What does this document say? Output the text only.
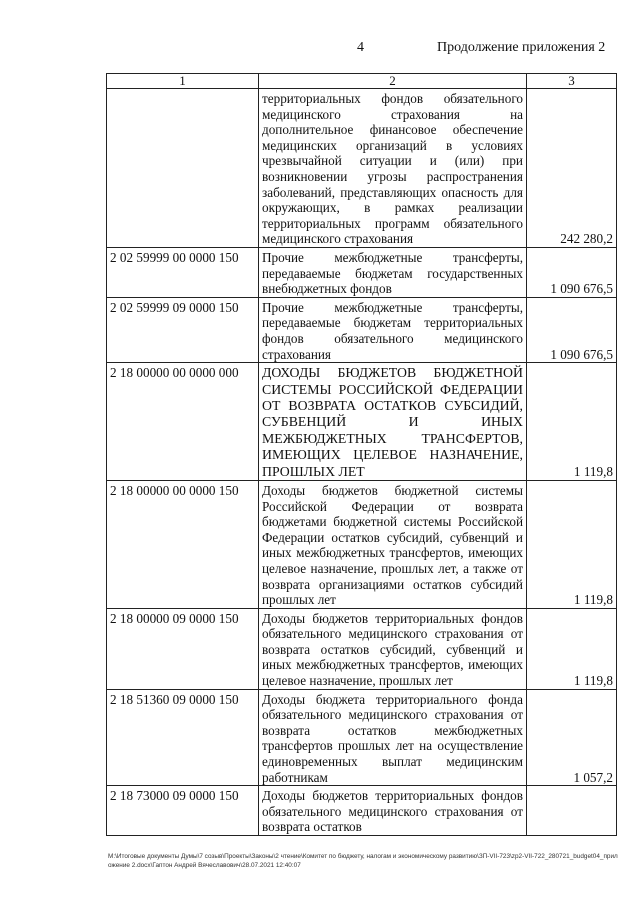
4	Продолжение приложения 2
1	2	3
	территориальных фондов обязательного медицинского страхования на дополнительное финансовое обеспечение медицинских организаций в условиях чрезвычайной ситуации и (или) при возникновении угрозы распространения заболеваний, представляющих опасность для окружающих, в рамках реализации территориальных программ обязательного медицинского страхования	242 280,2
2 02 59999 00 0000 150	Прочие межбюджетные трансферты, передаваемые бюджетам государственных внебюджетных фондов	1 090 676,5
2 02 59999 09 0000 150	Прочие межбюджетные трансферты, передаваемые бюджетам территориальных фондов обязательного медицинского страхования	1 090 676,5
2 18 00000 00 0000 000	ДОХОДЫ БЮДЖЕТОВ БЮДЖЕТНОЙ СИСТЕМЫ РОССИЙСКОЙ ФЕДЕРАЦИИ ОТ ВОЗВРАТА ОСТАТКОВ СУБСИДИЙ, СУБВЕНЦИЙ И ИНЫХ МЕЖБЮДЖЕТНЫХ ТРАНСФЕРТОВ, ИМЕЮЩИХ ЦЕЛЕВОЕ НАЗНАЧЕНИЕ, ПРОШЛЫХ ЛЕТ	1 119,8
2 18 00000 00 0000 150	Доходы бюджетов бюджетной системы Российской Федерации от возврата бюджетами бюджетной системы Российской Федерации остатков субсидий, субвенций и иных межбюджетных трансфертов, имеющих целевое назначение, прошлых лет, а также от возврата организациями остатков субсидий прошлых лет	1 119,8
2 18 00000 09 0000 150	Доходы бюджетов территориальных фондов обязательного медицинского страхования от возврата остатков субсидий, субвенций и иных межбюджетных трансфертов, имеющих целевое назначение, прошлых лет	1 119,8
2 18 51360 09 0000 150	Доходы бюджета территориального фонда обязательного медицинского страхования от возврата остатков межбюджетных трансфертов прошлых лет на осуществление единовременных выплат медицинским работникам	1 057,2
2 18 73000 09 0000 150	Доходы бюджетов территориальных фондов обязательного медицинского страхования от возврата остатков	
M:\Итоговые документы Думы\7 созыв\Проекты\Законы\2 чтение\Комитет по бюджету, налогам и экономическому развитию\ЗП-VII-723\zp2-VII-722_280721_budget04_приложение 2.docx\Гаптон Андрей Вячеславович\28.07.2021 12:40:07
